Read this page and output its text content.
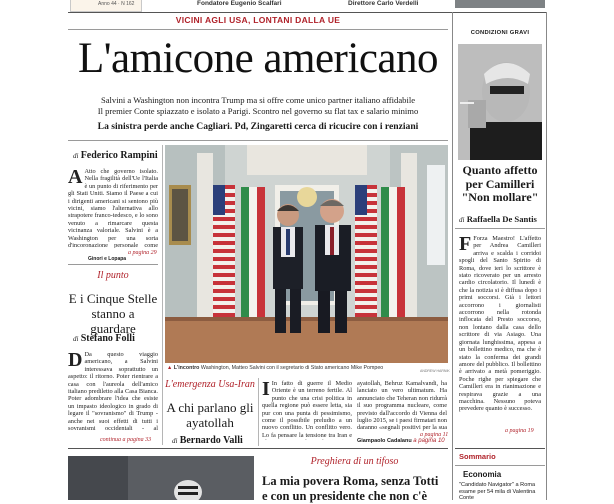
Anno 44 · N 162	Fondatore Eugenio Scalfari	Direttore Carlo Verdelli
VICINI AGLI USA, LONTANI DALLA UE
L'amicone americano
Salvini a Washington non incontra Trump ma si offre come unico partner italiano affidabile
Il premier Conte spiazzato e isolato a Parigi. Scontro nel governo su flat tax e salario minimo
La sinistra perde anche Cagliari. Pd, Zingaretti cerca di ricucire con i renziani
di Federico Rampini
A Atto che governo isolato. Nella fragilità dell'Ue l'Italia è un punto di riferimento per gli Stati Uniti. Siamo il Paese a cui i dirigenti americani si sentono più vicini, siamo l'alternativa allo strapotere franco-tedesco, e lo sono venuto a rimarcare questa vicinanza valoriale. Salvini è a Washington per una sorta d'incoronazione personale come
Ginori e Lopapa
a pagina 29
Il punto
E i Cinque Stelle stanno a guardare
di Stefano Folli
D Da questo viaggio americano, a Salvini interessava soprattutto un aspetto: il ritorno. Poter rientrare a casa con l'aureola dell'amico italiano prediletto alla Casa Bianca. Poter adombrare l'idea che esiste un impasto ideologico in grado di legare il "sovranismo" di Trump - anche nei suoi effetti di tutti i sovranismi occidentali - al
continua a pagina 33
▲ L'incontro Washington, Matteo Salvini con il segretario di Stato americano Mike Pompeo	ANDREW HARNIK
L'emergenza Usa-Iran
A chi parlano gli ayatollah
di Bernardo Valli
I In fatto di guerre il Medio Oriente è un terreno fertile. Al punto che una crisi politica in quella regione può essere letta, sia pur con una punta di pessimismo, come il possibile preludio a un nuovo conflitto. Un conflitto vero. Lo fa pensare la tensione tra Iran e
ayatollah, Behruz Kamalvandi, ha lanciato un vero ultimatum. Ha annunciato che Teheran non ridurrà il suo programma nucleare, come previsto dall'accordo di Vienna del luglio 2015, se i paesi firmatari non daranno «segnali positivi per la sua
a pagina 11
Giampaolo Cadalanu a pagina 10
CONDIZIONI GRAVI
Quanto affetto per Camilleri "Non mollare"
di Raffaella De Santis
F Forza Maestro! L'affetto per Andrea Camilleri arriva e scalda i corridoi spogli del Santo Spirito di Roma, dove ieri lo scrittore è stato ricoverato per un arresto cardio circolatorio. Il lunedì è che la notizia si è diffusa dopo i primi soccorsi. Già i lettori accorrono i giornalisti accorrono nella rotonda inflocata del Presto soccorso, non lontano dalla casa dello scrittore di via Asiago. Una giornata lunghissima, appesa a un bollettino medico, ma che è stato la conferma dei grandi amore del pubblico. Il bollettino è arrivato a metà pomeriggio. Poche righe per spiegare che Camilleri era in rianimazione e respirava grazie a una macchina. Nessuno poteva prevedere quanto è successo.
a pagina 19
Sommario
Economia
"Candidato Navigator" a Roma esame per 54 mila di Valentina Conte
Preghiera di un tifoso
La mia povera Roma, senza Totti e con un presidente che non c'è
